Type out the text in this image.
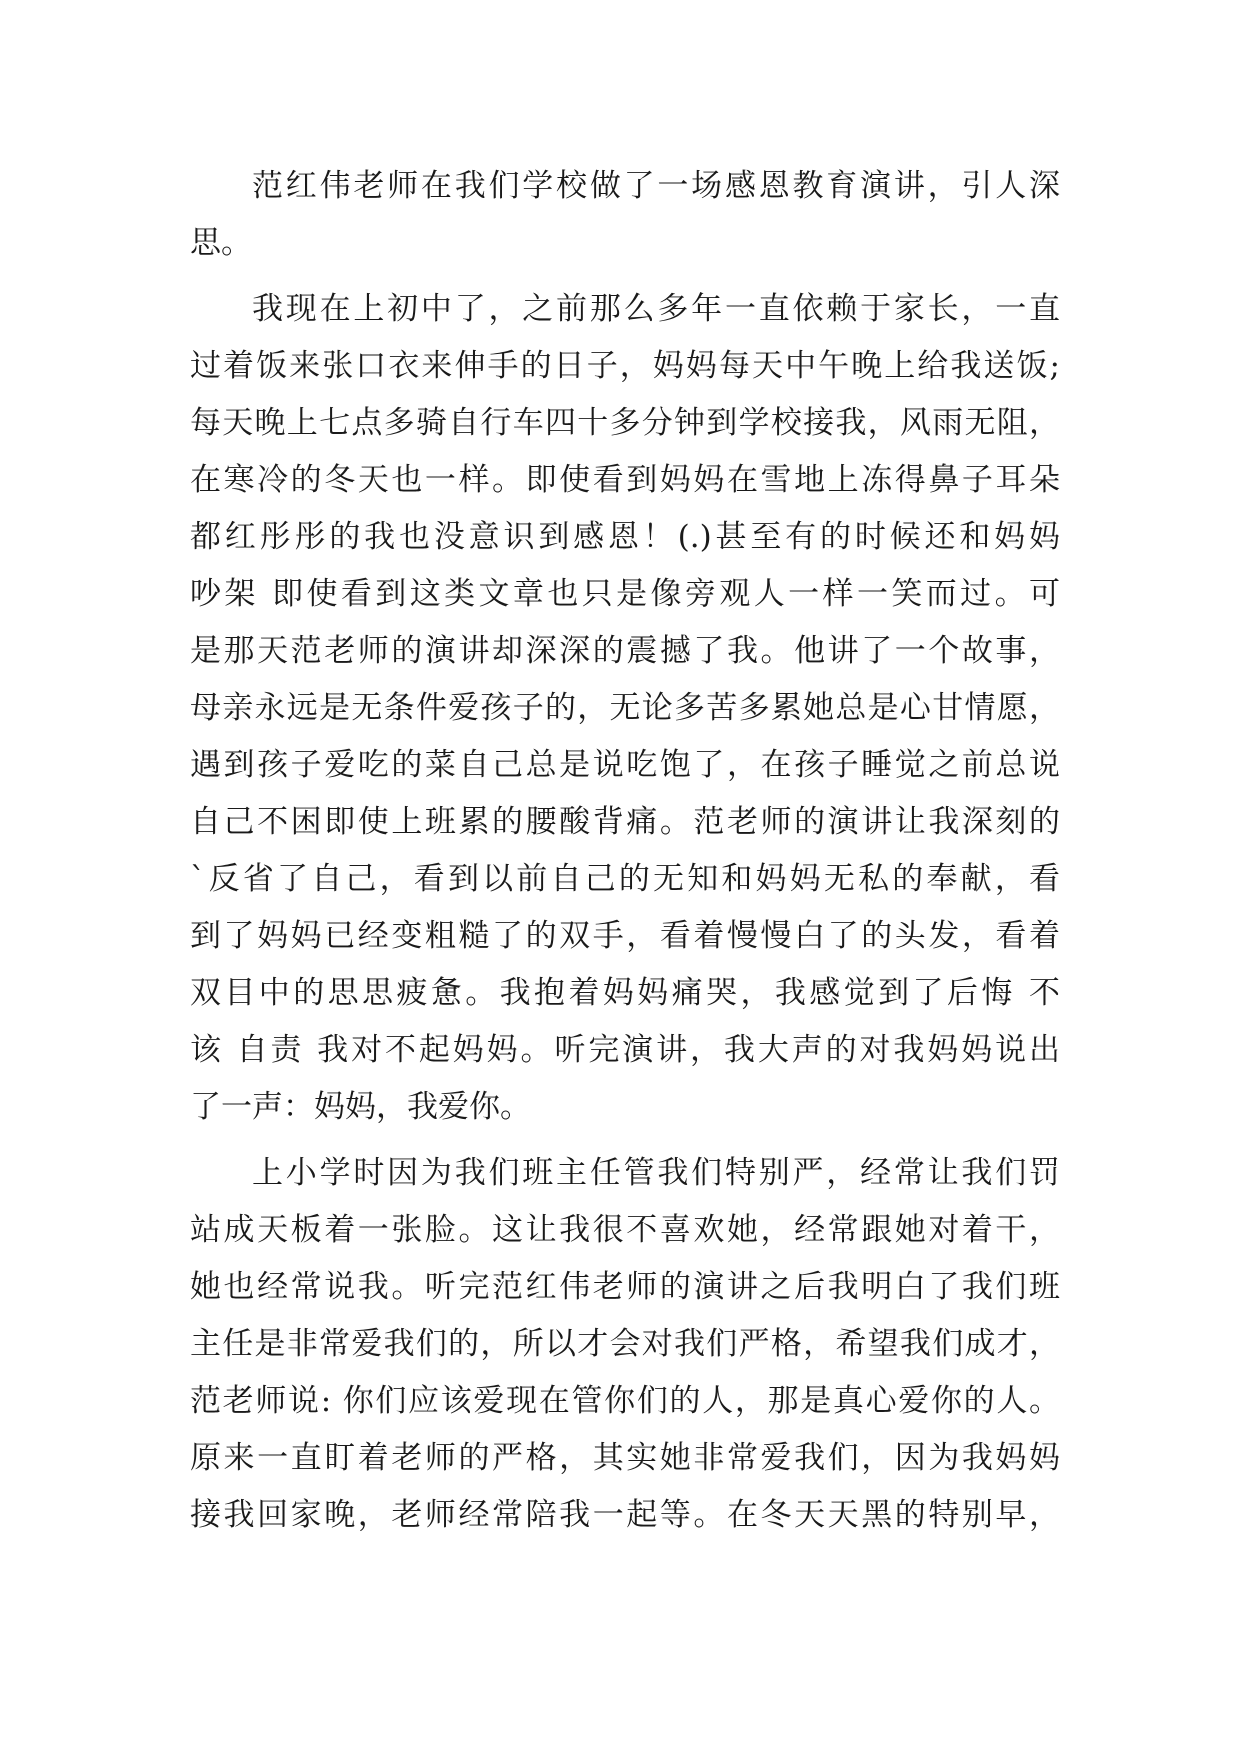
范红伟老师在我们学校做了一场感恩教育演讲，引人深
思。
我现在上初中了，之前那么多年一直依赖于家长，一直
过着饭来张口衣来伸手的日子，妈妈每天中午晚上给我送饭;
每天晚上七点多骑自行车四十多分钟到学校接我，风雨无阻，
在寒冷的冬天也一样。即使看到妈妈在雪地上冻得鼻子耳朵
都红彤彤的我也没意识到感恩！(.)甚至有的时候还和妈妈
吵架 即使看到这类文章也只是像旁观人一样一笑而过。可
是那天范老师的演讲却深深的震撼了我。他讲了一个故事，
母亲永远是无条件爱孩子的，无论多苦多累她总是心甘情愿，
遇到孩子爱吃的菜自己总是说吃饱了，在孩子睡觉之前总说
自己不困即使上班累的腰酸背痛。范老师的演讲让我深刻的
`反省了自己，看到以前自己的无知和妈妈无私的奉献，看
到了妈妈已经变粗糙了的双手，看着慢慢白了的头发，看着
双目中的思思疲惫。我抱着妈妈痛哭，我感觉到了后悔 不
该 自责 我对不起妈妈。听完演讲，我大声的对我妈妈说出
了一声：妈妈，我爱你。
上小学时因为我们班主任管我们特别严，经常让我们罚
站成天板着一张脸。这让我很不喜欢她，经常跟她对着干，
她也经常说我。听完范红伟老师的演讲之后我明白了我们班
主任是非常爱我们的，所以才会对我们严格，希望我们成才，
范老师说: 你们应该爱现在管你们的人，那是真心爱你的人。
原来一直盯着老师的严格，其实她非常爱我们，因为我妈妈
接我回家晚，老师经常陪我一起等。在冬天天黑的特别早，
